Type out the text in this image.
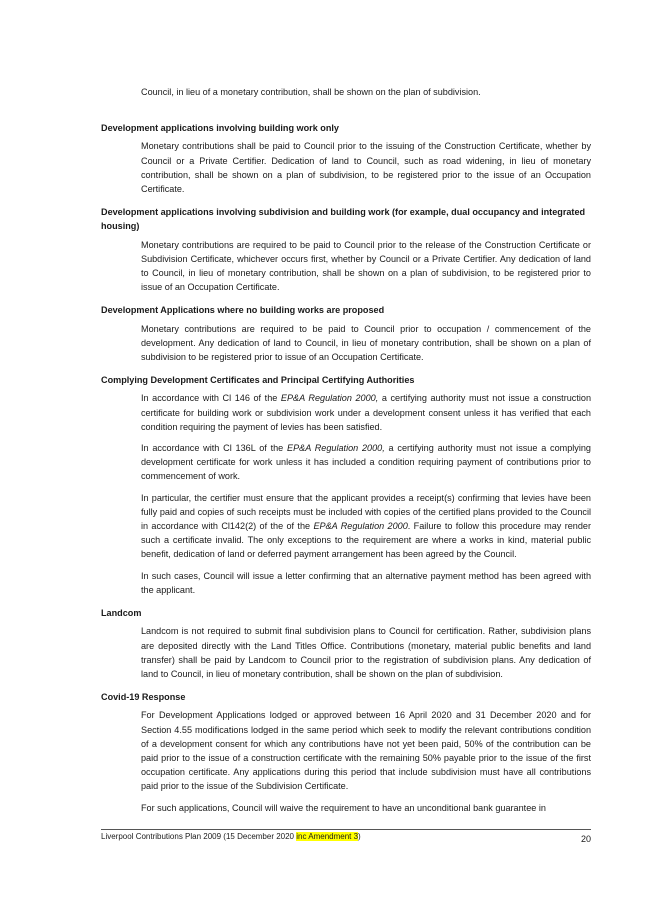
Council, in lieu of a monetary contribution, shall be shown on the plan of subdivision.

Development applications involving building work only

Monetary contributions shall be paid to Council prior to the issuing of the Construction Certificate, whether by Council or a Private Certifier. Dedication of land to Council, such as road widening, in lieu of monetary contribution, shall be shown on a plan of subdivision, to be registered prior to the issue of an Occupation Certificate.

Development applications involving subdivision and building work (for example, dual occupancy and integrated housing)

Monetary contributions are required to be paid to Council prior to the release of the Construction Certificate or Subdivision Certificate, whichever occurs first, whether by Council or a Private Certifier. Any dedication of land to Council, in lieu of monetary contribution, shall be shown on a plan of subdivision, to be registered prior to issue of an Occupation Certificate.

Development Applications where no building works are proposed

Monetary contributions are required to be paid to Council prior to occupation / commencement of the development. Any dedication of land to Council, in lieu of monetary contribution, shall be shown on a plan of subdivision to be registered prior to issue of an Occupation Certificate.

Complying Development Certificates and Principal Certifying Authorities

In accordance with Cl 146 of the EP&A Regulation 2000, a certifying authority must not issue a construction certificate for building work or subdivision work under a development consent unless it has verified that each condition requiring the payment of levies has been satisfied.

In accordance with Cl 136L of the EP&A Regulation 2000, a certifying authority must not issue a complying development certificate for work unless it has included a condition requiring payment of contributions prior to commencement of work.

In particular, the certifier must ensure that the applicant provides a receipt(s) confirming that levies have been fully paid and copies of such receipts must be included with copies of the certified plans provided to the Council in accordance with Cl142(2) of the of the EP&A Regulation 2000. Failure to follow this procedure may render such a certificate invalid. The only exceptions to the requirement are where a works in kind, material public benefit, dedication of land or deferred payment arrangement has been agreed by the Council.

In such cases, Council will issue a letter confirming that an alternative payment method has been agreed with the applicant.

Landcom

Landcom is not required to submit final subdivision plans to Council for certification. Rather, subdivision plans are deposited directly with the Land Titles Office. Contributions (monetary, material public benefits and land transfer) shall be paid by Landcom to Council prior to the registration of subdivision plans. Any dedication of land to Council, in lieu of monetary contribution, shall be shown on the plan of subdivision.

Covid-19 Response

For Development Applications lodged or approved between 16 April 2020 and 31 December 2020 and for Section 4.55 modifications lodged in the same period which seek to modify the relevant contributions condition of a development consent for which any contributions have not yet been paid, 50% of the contribution can be paid prior to the issue of a construction certificate with the remaining 50% payable prior to the issue of the first occupation certificate. Any applications during this period that include subdivision must have all contributions paid prior to the issue of the Subdivision Certificate.

For such applications, Council will waive the requirement to have an unconditional bank guarantee in

Liverpool Contributions Plan 2009 (15 December 2020 inc Amendment 3)	20
